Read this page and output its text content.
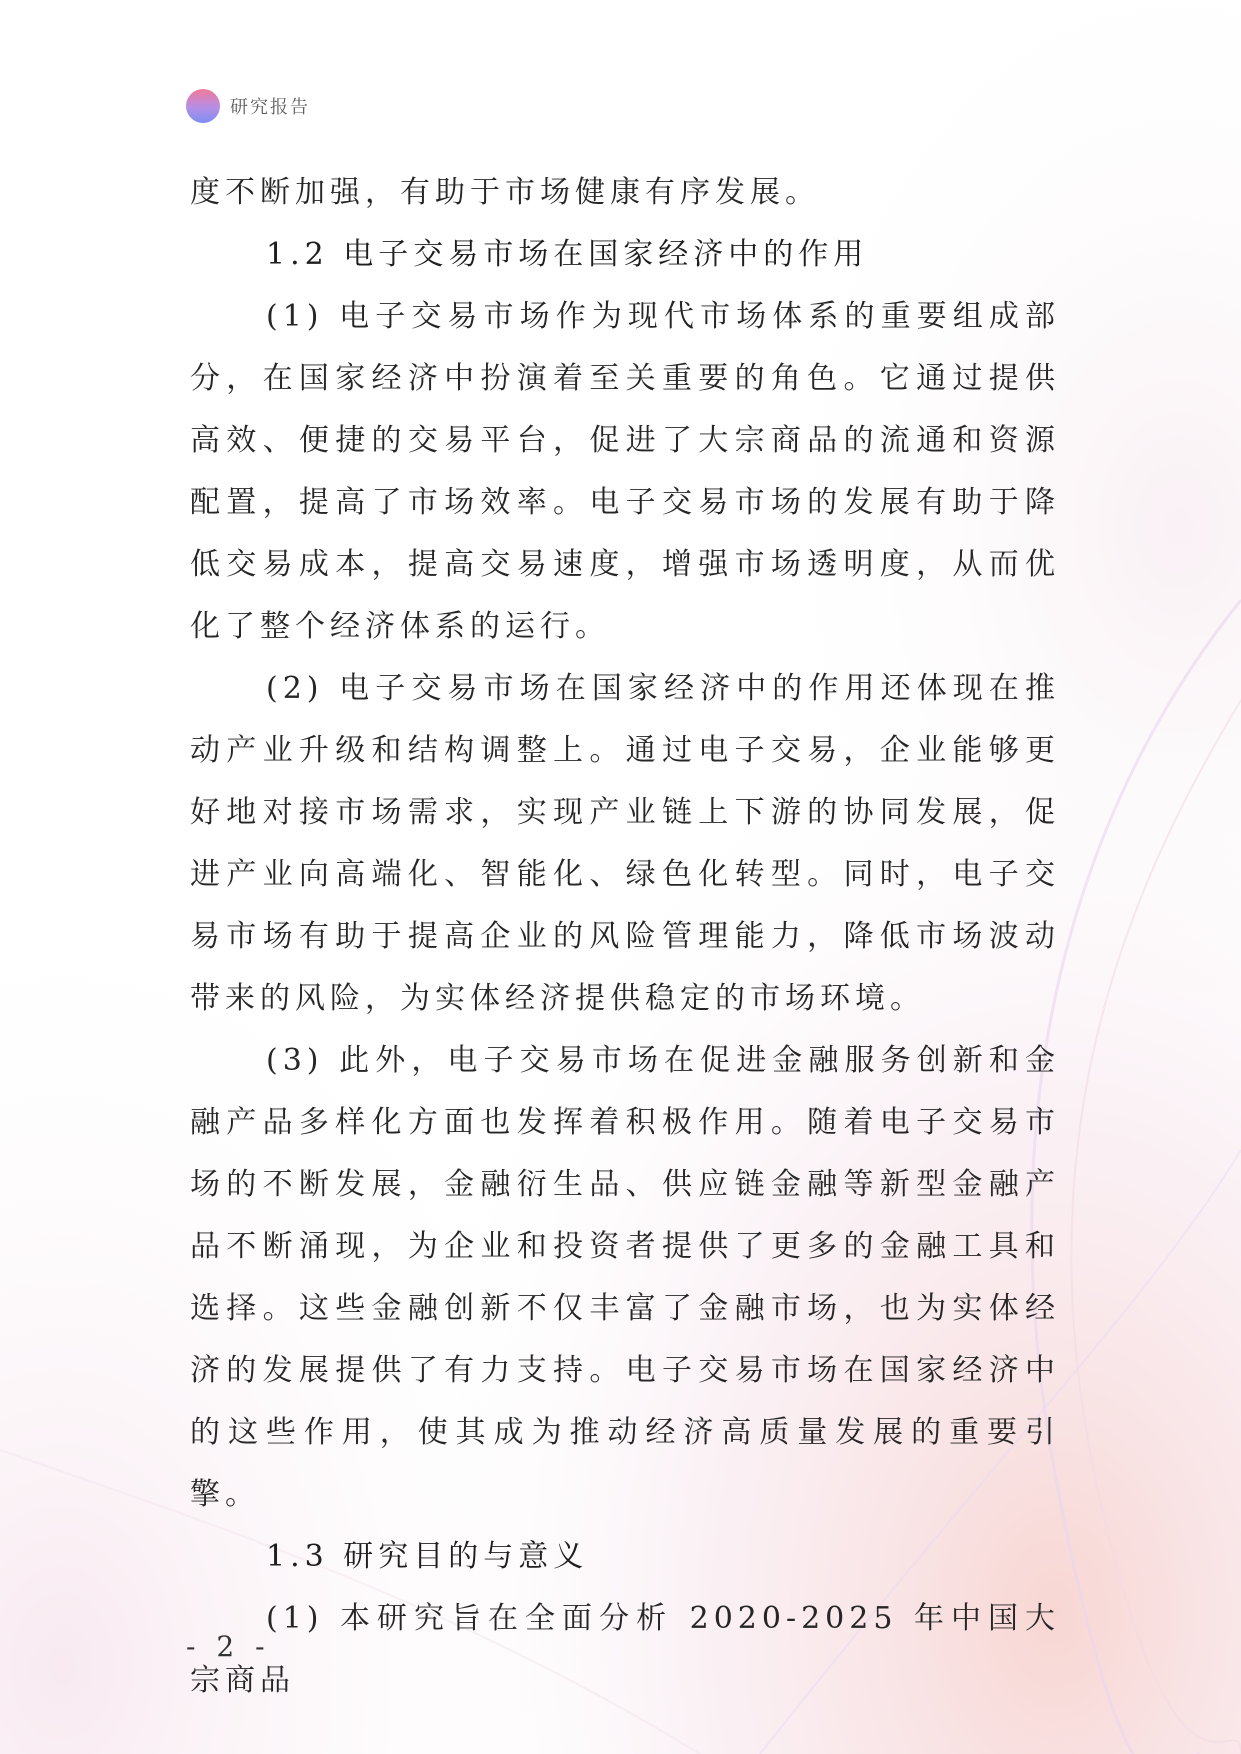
研究报告

度不断加强，有助于市场健康有序发展。

1.2 电子交易市场在国家经济中的作用

(1) 电子交易市场作为现代市场体系的重要组成部分，在国家经济中扮演着至关重要的角色。它通过提供高效、便捷的交易平台，促进了大宗商品的流通和资源配置，提高了市场效率。电子交易市场的发展有助于降低交易成本，提高交易速度，增强市场透明度，从而优化了整个经济体系的运行。

(2) 电子交易市场在国家经济中的作用还体现在推动产业升级和结构调整上。通过电子交易，企业能够更好地对接市场需求，实现产业链上下游的协同发展，促进产业向高端化、智能化、绿色化转型。同时，电子交易市场有助于提高企业的风险管理能力，降低市场波动带来的风险，为实体经济提供稳定的市场环境。

(3) 此外，电子交易市场在促进金融服务创新和金融产品多样化方面也发挥着积极作用。随着电子交易市场的不断发展，金融衍生品、供应链金融等新型金融产品不断涌现，为企业和投资者提供了更多的金融工具和选择。这些金融创新不仅丰富了金融市场，也为实体经济的发展提供了有力支持。电子交易市场在国家经济中的这些作用，使其成为推动经济高质量发展的重要引擎。

1.3 研究目的与意义

(1) 本研究旨在全面分析 2020-2025 年中国大宗商品

- 2 -
